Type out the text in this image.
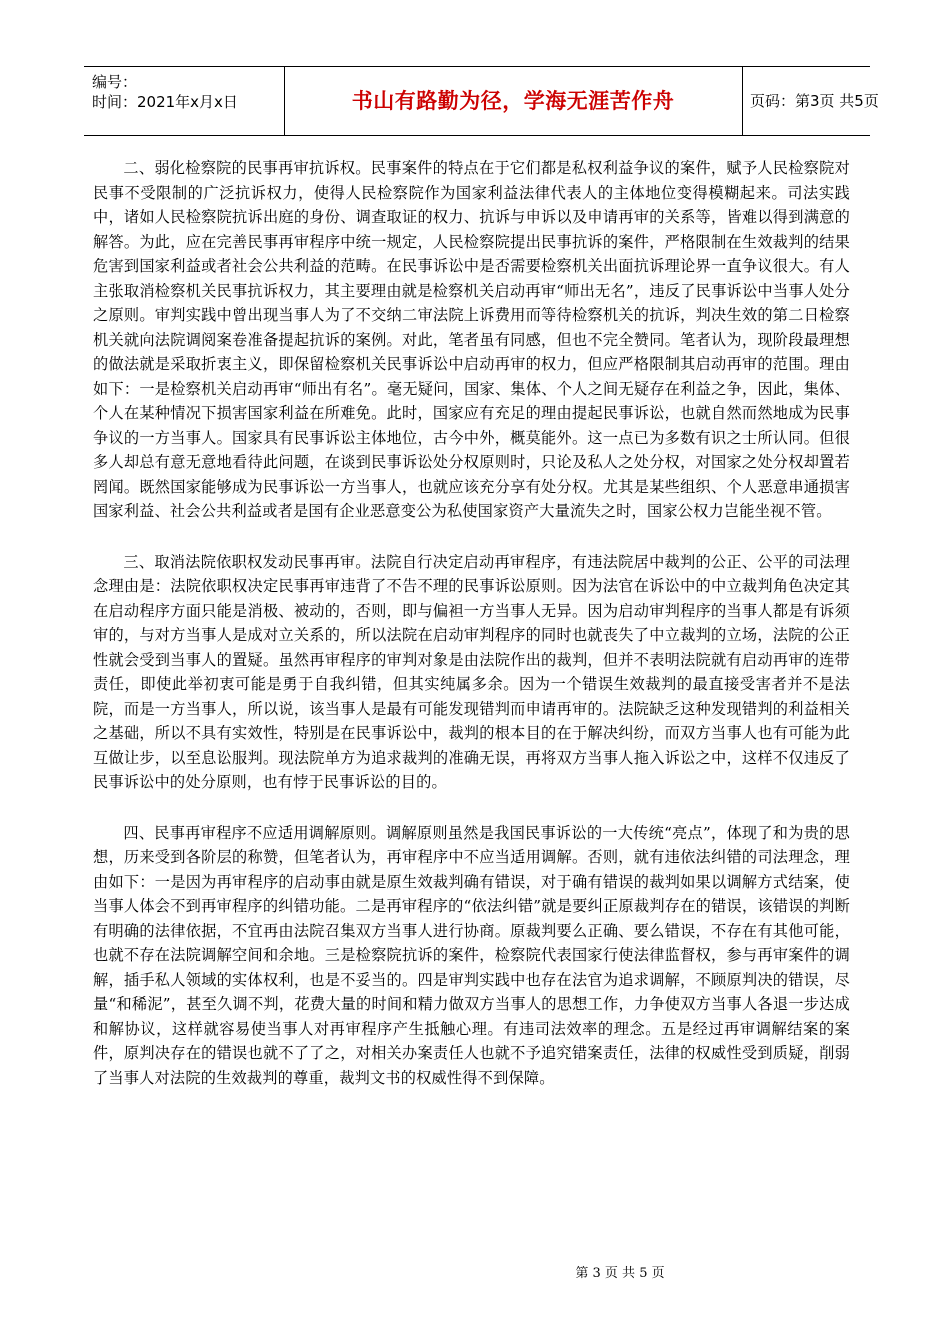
编号：
时间：2021年x月x日	书山有路勤为径，学海无涯苦作舟	页码：第3页 共5页

二、弱化检察院的民事再审抗诉权。民事案件的特点在于它们都是私权利益争议的案件，赋予人民检察院对民事不受限制的广泛抗诉权力，使得人民检察院作为国家利益法律代表人的主体地位变得模糊起来。司法实践中，诸如人民检察院抗诉出庭的身份、调查取证的权力、抗诉与申诉以及申请再审的关系等，皆难以得到满意的解答。为此，应在完善民事再审程序中统一规定，人民检察院提出民事抗诉的案件，严格限制在生效裁判的结果危害到国家利益或者社会公共利益的范畴。在民事诉讼中是否需要检察机关出面抗诉理论界一直争议很大。有人主张取消检察机关民事抗诉权力，其主要理由就是检察机关启动再审“师出无名”，违反了民事诉讼中当事人处分之原则。审判实践中曾出现当事人为了不交纳二审法院上诉费用而等待检察机关的抗诉，判决生效的第二日检察机关就向法院调阅案卷准备提起抗诉的案例。对此，笔者虽有同感，但也不完全赞同。笔者认为，现阶段最理想的做法就是采取折衷主义，即保留检察机关民事诉讼中启动再审的权力，但应严格限制其启动再审的范围。理由如下：一是检察机关启动再审“师出有名”。毫无疑问，国家、集体、个人之间无疑存在利益之争，因此，集体、个人在某种情况下损害国家利益在所难免。此时，国家应有充足的理由提起民事诉讼，也就自然而然地成为民事争议的一方当事人。国家具有民事诉讼主体地位，古今中外，概莫能外。这一点已为多数有识之士所认同。但很多人却总有意无意地看待此问题，在谈到民事诉讼处分权原则时，只论及私人之处分权，对国家之处分权却置若罔闻。既然国家能够成为民事诉讼一方当事人，也就应该充分享有处分权。尤其是某些组织、个人恶意串通损害国家利益、社会公共利益或者是国有企业恶意变公为私使国家资产大量流失之时，国家公权力岂能坐视不管。

三、取消法院依职权发动民事再审。法院自行决定启动再审程序，有违法院居中裁判的公正、公平的司法理念理由是：法院依职权决定民事再审违背了不告不理的民事诉讼原则。因为法官在诉讼中的中立裁判角色决定其在启动程序方面只能是消极、被动的，否则，即与偏袒一方当事人无异。因为启动审判程序的当事人都是有诉须审的，与对方当事人是成对立关系的，所以法院在启动审判程序的同时也就丧失了中立裁判的立场，法院的公正性就会受到当事人的置疑。虽然再审程序的审判对象是由法院作出的裁判，但并不表明法院就有启动再审的连带责任，即使此举初衷可能是勇于自我纠错，但其实纯属多余。因为一个错误生效裁判的最直接受害者并不是法院，而是一方当事人，所以说，该当事人是最有可能发现错判而申请再审的。法院缺乏这种发现错判的利益相关之基础，所以不具有实效性，特别是在民事诉讼中，裁判的根本目的在于解决纠纷，而双方当事人也有可能为此互做让步，以至息讼服判。现法院单方为追求裁判的准确无误，再将双方当事人拖入诉讼之中，这样不仅违反了民事诉讼中的处分原则，也有悖于民事诉讼的目的。

四、民事再审程序不应适用调解原则。调解原则虽然是我国民事诉讼的一大传统“亮点”，体现了和为贵的思想，历来受到各阶层的称赞，但笔者认为，再审程序中不应当适用调解。否则，就有违依法纠错的司法理念，理由如下：一是因为再审程序的启动事由就是原生效裁判确有错误，对于确有错误的裁判如果以调解方式结案，使当事人体会不到再审程序的纠错功能。二是再审程序的“依法纠错”就是要纠正原裁判存在的错误，该错误的判断有明确的法律依据，不宜再由法院召集双方当事人进行协商。原裁判要么正确、要么错误，不存在有其他可能，也就不存在法院调解空间和余地。三是检察院抗诉的案件，检察院代表国家行使法律监督权，参与再审案件的调解，插手私人领域的实体权利，也是不妥当的。四是审判实践中也存在法官为追求调解，不顾原判决的错误，尽量“和稀泥”，甚至久调不判，花费大量的时间和精力做双方当事人的思想工作，力争使双方当事人各退一步达成和解协议，这样就容易使当事人对再审程序产生抵触心理。有违司法效率的理念。五是经过再审调解结案的案件，原判决存在的错误也就不了了之，对相关办案责任人也就不予追究错案责任，法律的权威性受到质疑，削弱了当事人对法院的生效裁判的尊重，裁判文书的权威性得不到保障。

第 3 页 共 5 页
